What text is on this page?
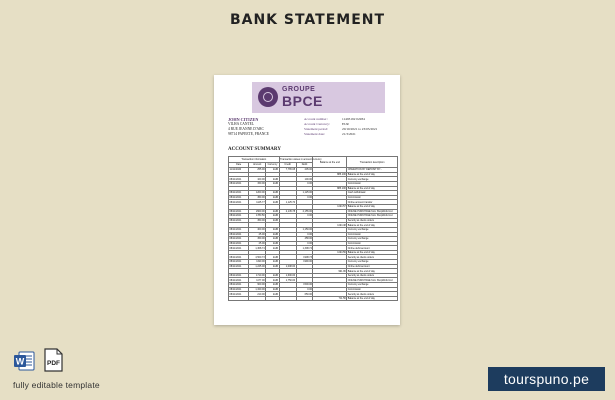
BANK STATEMENT
GROUPE
BPCE
JOHN CITIZEN
VILHA CANTEL
4 RUE JEANNE D'ARC
98714 PAPEETE, FRANCE
Account number:	11493192 02284
Account Currency:	EUR
Statement period:	20/10/2021 to 23/03/2021
Statement date:	21/3/2021
ACCOUNT SUMMARY
Transaction information			Transaction values in account currency		Balance at the end	Transaction description
Date	Amount	Currency	Credit	Debit		
11/11/2020	255.00	EUR	7,765.08	205.00		OPERATION BY DEPOSIT BY...
					885.100	Balance at the end of day
08/11/2021	100.00	EUR		100.00		Currency exchange
08/11/2021	150.00	EUR		0.00		Commission
					885.100	Balance at the end of day
08/11/2021	1200.00	EUR		1,125.00		Cash withdrawal
08/11/2021	450.00	EUR		0.00		Commission
08/11/2021	1125.77	EUR	1,125.70			Online account transfer
					1194.57	Balance at the end of day
08/11/2021	2900.00	EUR	2,145.78	2,155.00		ONLINE PURCHASE from ShopWorld Ltd
08/11/2021	1780.50	EUR		0.00		ONLINE PURCHASE from ShopWorld Ltd
08/11/2021	450.00	EUR				Security at clients orders
					1194.48	Balance at the end of day
08/11/2021	400.00	EUR		1,150.00		Currency exchange
08/11/2021	25.00	EUR		0.00		Commission
08/11/2021	450.00	EUR		458.00		Currency exchange
08/11/2021	25.00	EUR		0.00		Commission
08/11/2021	1,308.74	EUR		1,308.74		Online debit account
					1194.56	Balance at the end of day
08/11/2021	4,500.73	EUR		1908.73		Security at clients orders
08/11/2021	1190.00	EUR		1990.00		Currency exchange
08/11/2021	1,225.00	EUR	1,008.00			Online debit account
					991.96	Balance at the end of day
08/11/2021	1710.00	EUR	1,600.00			Security at clients orders
08/11/2021	1177.00	EUR	1,750.00			ONLINE PURCHASE from ShopWorld Ltd
08/11/2021	900.00	EUR		1500.00		Currency exchange
08/11/2021	1,320.00	EUR		0.00		Commission
08/11/2021	210.00	EUR		650.00		Security at clients orders
					711.56	Balance at the end of day
W	PDF
fully editable template	tourspuno.pe
